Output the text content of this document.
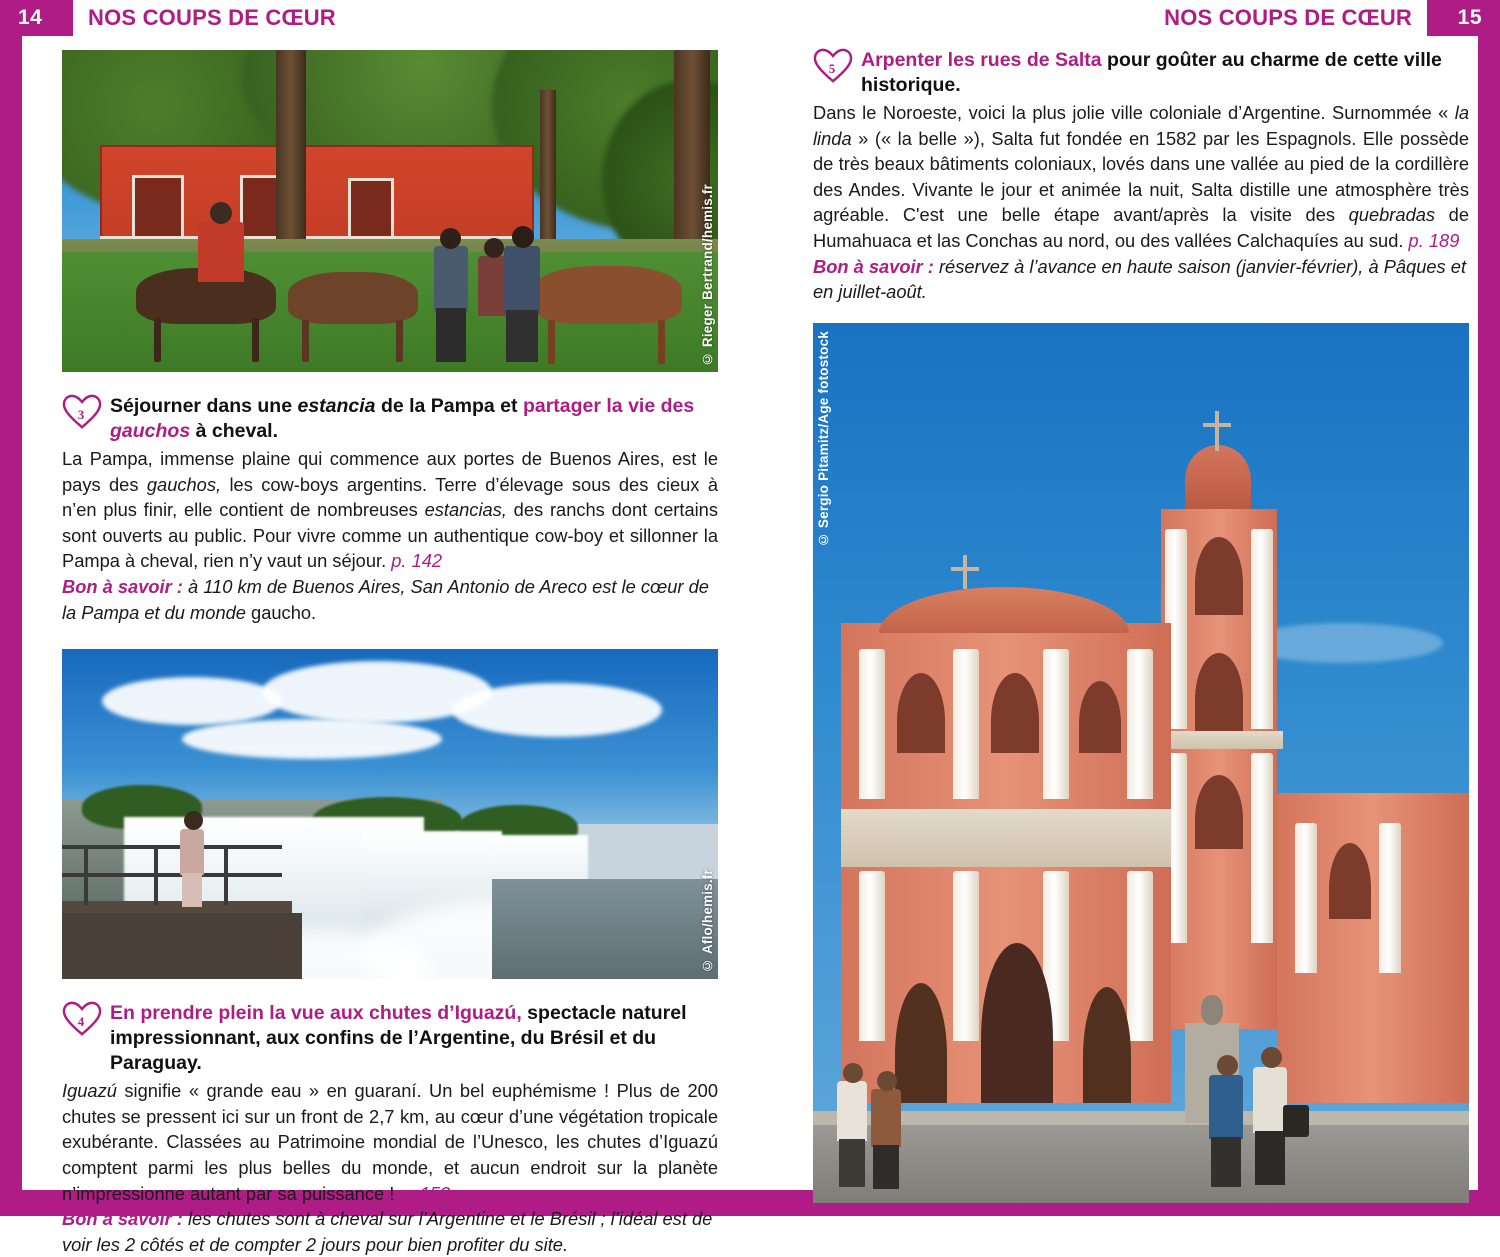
14	NOS COUPS DE CŒUR	NOS COUPS DE CŒUR	15
© Rieger Bertrand/hemis.fr
3	Séjourner dans une estancia de la Pampa et partager la vie des gauchos à cheval.
La Pampa, immense plaine qui commence aux portes de Buenos Aires, est le pays des gauchos, les cow-boys argentins. Terre d’élevage sous des cieux à n’en plus finir, elle contient de nombreuses estancias, des ranchs dont certains sont ouverts au public. Pour vivre comme un authentique cow-boy et sillonner la Pampa à cheval, rien n’y vaut un séjour. p. 142
Bon à savoir : à 110 km de Buenos Aires, San Antonio de Areco est le cœur de la Pampa et du monde gaucho.
© Aflo/hemis.fr
4	En prendre plein la vue aux chutes d’Iguazú, spectacle naturel impressionnant, aux confins de l’Argentine, du Brésil et du Paraguay.
Iguazú signifie « grande eau » en guaraní. Un bel euphémisme ! Plus de 200 chutes se pressent ici sur un front de 2,7 km, au cœur d’une végétation tropicale exubérante. Classées au Patrimoine mondial de l’Unesco, les chutes d’Iguazú comptent parmi les plus belles du monde, et aucun endroit sur la planète n’impressionne autant par sa puissance ! p. 153
Bon à savoir : les chutes sont à cheval sur l’Argentine et le Brésil ; l’idéal est de voir les 2 côtés et de compter 2 jours pour bien profiter du site.
5	Arpenter les rues de Salta pour goûter au charme de cette ville historique.
Dans le Noroeste, voici la plus jolie ville coloniale d’Argentine. Surnommée « la linda » (« la belle »), Salta fut fondée en 1582 par les Espagnols. Elle possède de très beaux bâtiments coloniaux, lovés dans une vallée au pied de la cordillère des Andes. Vivante le jour et animée la nuit, Salta distille une atmosphère très agréable. C'est une belle étape avant/après la visite des quebradas de Humahuaca et las Conchas au nord, ou des vallées Calchaquíes au sud. p. 189
Bon à savoir : réservez à l’avance en haute saison (janvier-février), à Pâques et en juillet-août.
© Sergio Pitamitz/Age fotostock
